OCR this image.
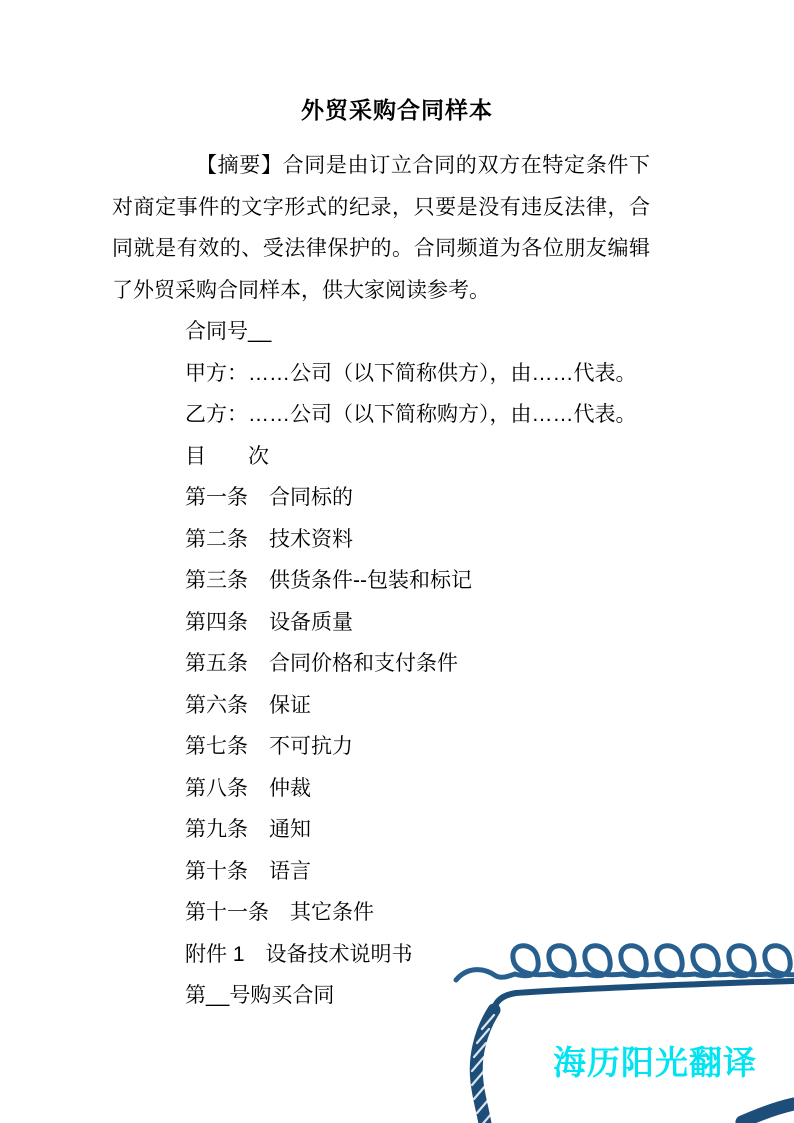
外贸采购合同样本

【摘要】合同是由订立合同的双方在特定条件下对商定事件的文字形式的纪录，只要是没有违反法律，合同就是有效的、受法律保护的。合同频道为各位朋友编辑了外贸采购合同样本，供大家阅读参考。

合同号__
甲方：……公司（以下简称供方），由……代表。
乙方：……公司（以下简称购方），由……代表。
目　　次
第一条　合同标的
第二条　技术资料
第三条　供货条件--包装和标记
第四条　设备质量
第五条　合同价格和支付条件
第六条　保证
第七条　不可抗力
第八条　仲裁
第九条　通知
第十条　语言
第十一条　其它条件
附件 1　设备技术说明书
第__号购买合同
海历阳光翻译
